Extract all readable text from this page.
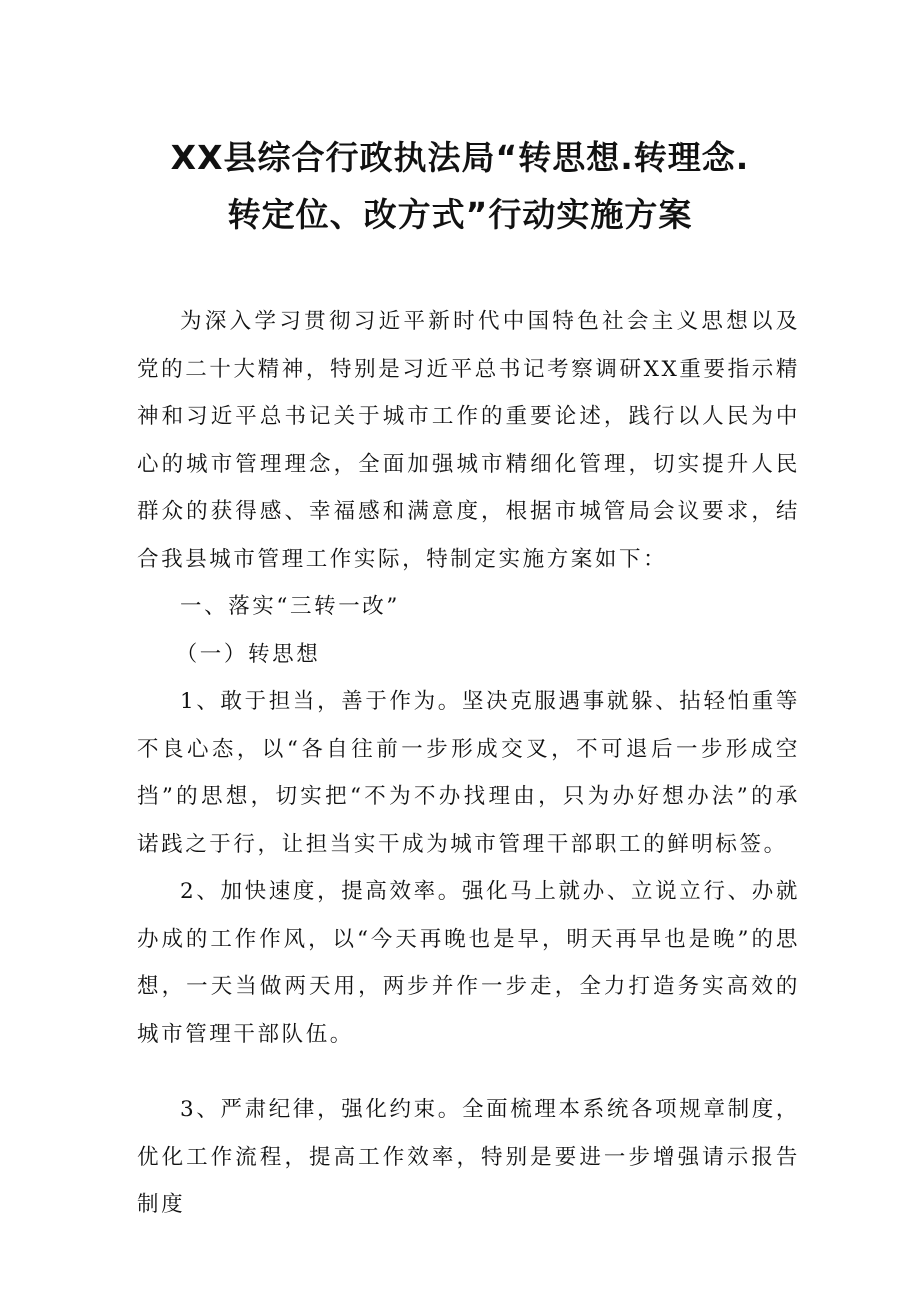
XX县综合行政执法局“转思想.转理念.
转定位、改方式”行动实施方案

为深入学习贯彻习近平新时代中国特色社会主义思想以及党的二十大精神，特别是习近平总书记考察调研XX重要指示精神和习近平总书记关于城市工作的重要论述，践行以人民为中心的城市管理理念，全面加强城市精细化管理，切实提升人民群众的获得感、幸福感和满意度，根据市城管局会议要求，结合我县城市管理工作实际，特制定实施方案如下：

一、落实“三转一改”

（一）转思想

1、敢于担当，善于作为。坚决克服遇事就躲、拈轻怕重等不良心态，以“各自往前一步形成交叉，不可退后一步形成空挡”的思想，切实把“不为不办找理由，只为办好想办法”的承诺践之于行，让担当实干成为城市管理干部职工的鲜明标签。

2、加快速度，提高效率。强化马上就办、立说立行、办就办成的工作作风，以“今天再晚也是早，明天再早也是晚”的思想，一天当做两天用，两步并作一步走，全力打造务实高效的城市管理干部队伍。

3、严肃纪律，强化约束。全面梳理本系统各项规章制度，优化工作流程，提高工作效率，特别是要进一步增强请示报告制度
